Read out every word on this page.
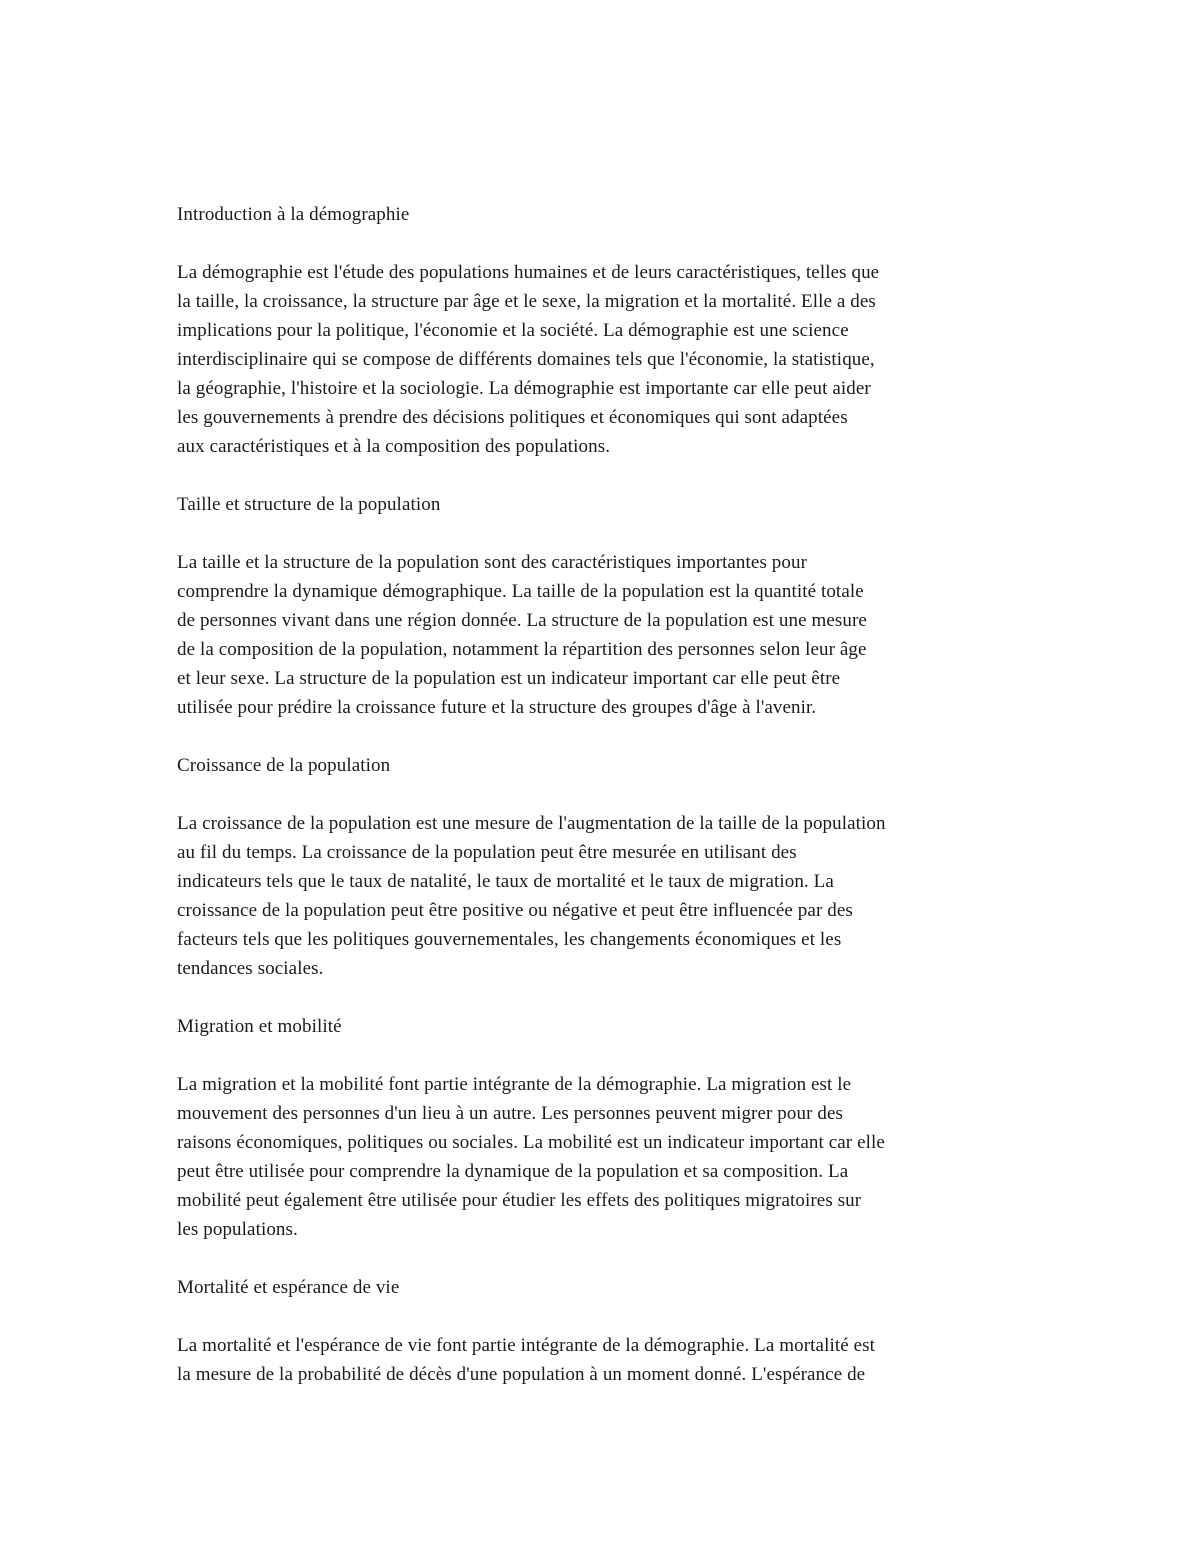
Introduction à la démographie

La démographie est l'étude des populations humaines et de leurs caractéristiques, telles que
la taille, la croissance, la structure par âge et le sexe, la migration et la mortalité. Elle a des
implications pour la politique, l'économie et la société. La démographie est une science
interdisciplinaire qui se compose de différents domaines tels que l'économie, la statistique,
la géographie, l'histoire et la sociologie. La démographie est importante car elle peut aider
les gouvernements à prendre des décisions politiques et économiques qui sont adaptées
aux caractéristiques et à la composition des populations.

Taille et structure de la population

La taille et la structure de la population sont des caractéristiques importantes pour
comprendre la dynamique démographique. La taille de la population est la quantité totale
de personnes vivant dans une région donnée. La structure de la population est une mesure
de la composition de la population, notamment la répartition des personnes selon leur âge
et leur sexe. La structure de la population est un indicateur important car elle peut être
utilisée pour prédire la croissance future et la structure des groupes d'âge à l'avenir.

Croissance de la population

La croissance de la population est une mesure de l'augmentation de la taille de la population
au fil du temps. La croissance de la population peut être mesurée en utilisant des
indicateurs tels que le taux de natalité, le taux de mortalité et le taux de migration. La
croissance de la population peut être positive ou négative et peut être influencée par des
facteurs tels que les politiques gouvernementales, les changements économiques et les
tendances sociales.

Migration et mobilité

La migration et la mobilité font partie intégrante de la démographie. La migration est le
mouvement des personnes d'un lieu à un autre. Les personnes peuvent migrer pour des
raisons économiques, politiques ou sociales. La mobilité est un indicateur important car elle
peut être utilisée pour comprendre la dynamique de la population et sa composition. La
mobilité peut également être utilisée pour étudier les effets des politiques migratoires sur
les populations.

Mortalité et espérance de vie

La mortalité et l'espérance de vie font partie intégrante de la démographie. La mortalité est
la mesure de la probabilité de décès d'une population à un moment donné. L'espérance de
